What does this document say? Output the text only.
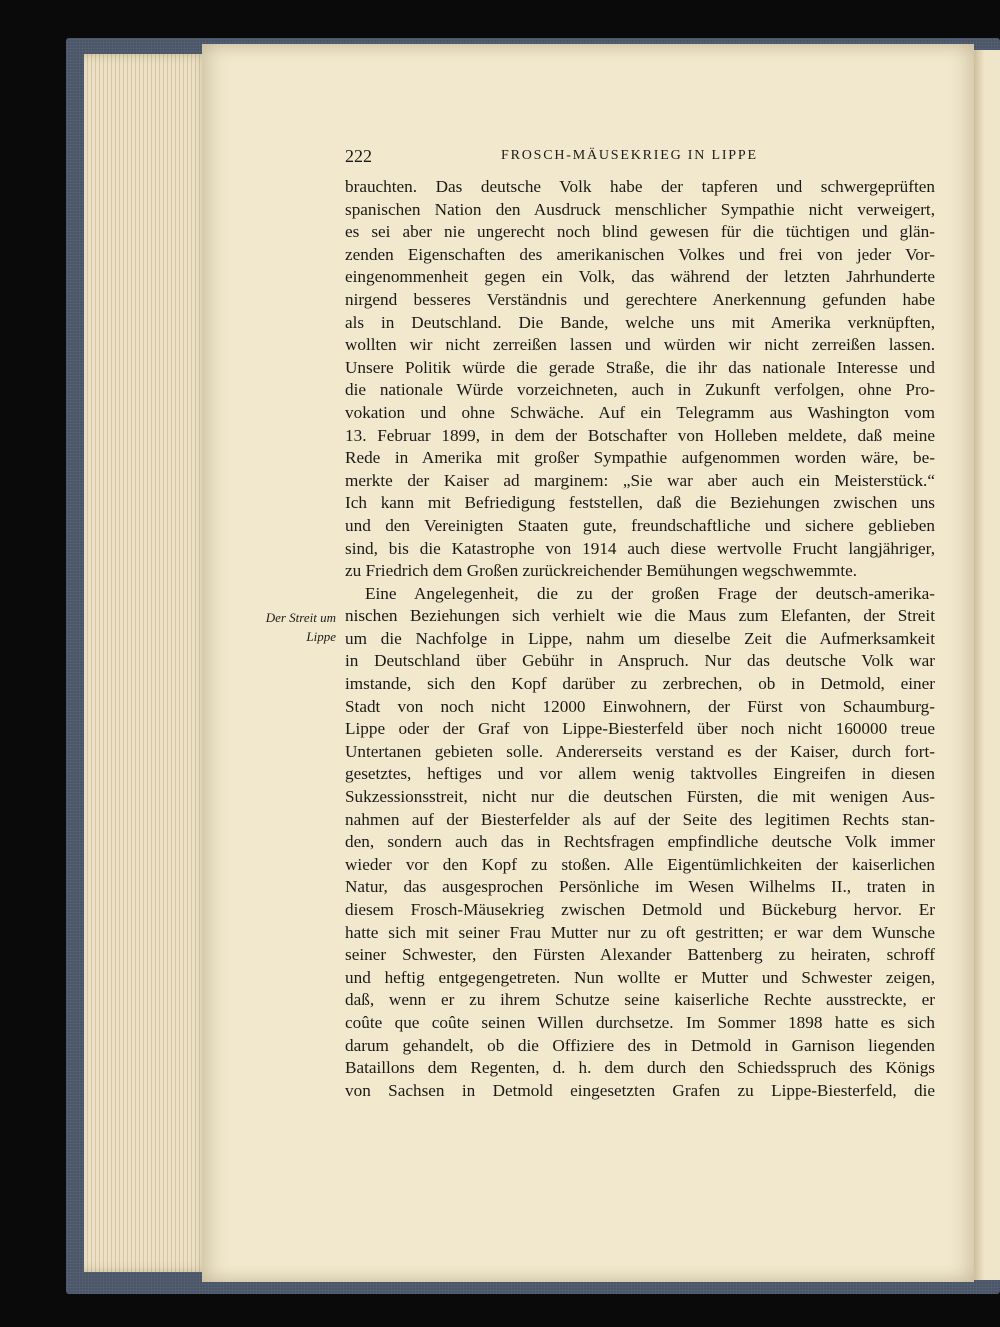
222	FROSCH-MÄUSEKRIEG IN LIPPE
Der Streit um
Lippe
brauchten. Das deutsche Volk habe der tapferen und schwergeprüften
spanischen Nation den Ausdruck menschlicher Sympathie nicht verweigert,
es sei aber nie ungerecht noch blind gewesen für die tüchtigen und glän-
zenden Eigenschaften des amerikanischen Volkes und frei von jeder Vor-
eingenommenheit gegen ein Volk, das während der letzten Jahrhunderte
nirgend besseres Verständnis und gerechtere Anerkennung gefunden habe
als in Deutschland. Die Bande, welche uns mit Amerika verknüpften,
wollten wir nicht zerreißen lassen und würden wir nicht zerreißen lassen.
Unsere Politik würde die gerade Straße, die ihr das nationale Interesse und
die nationale Würde vorzeichneten, auch in Zukunft verfolgen, ohne Pro-
vokation und ohne Schwäche. Auf ein Telegramm aus Washington vom
13. Februar 1899, in dem der Botschafter von Holleben meldete, daß meine
Rede in Amerika mit großer Sympathie aufgenommen worden wäre, be-
merkte der Kaiser ad marginem: „Sie war aber auch ein Meisterstück.“
Ich kann mit Befriedigung feststellen, daß die Beziehungen zwischen uns
und den Vereinigten Staaten gute, freundschaftliche und sichere geblieben
sind, bis die Katastrophe von 1914 auch diese wertvolle Frucht langjähriger,
zu Friedrich dem Großen zurückreichender Bemühungen wegschwemmte.
Eine Angelegenheit, die zu der großen Frage der deutsch-amerika-
nischen Beziehungen sich verhielt wie die Maus zum Elefanten, der Streit
um die Nachfolge in Lippe, nahm um dieselbe Zeit die Aufmerksamkeit
in Deutschland über Gebühr in Anspruch. Nur das deutsche Volk war
imstande, sich den Kopf darüber zu zerbrechen, ob in Detmold, einer
Stadt von noch nicht 12000 Einwohnern, der Fürst von Schaumburg-
Lippe oder der Graf von Lippe-Biesterfeld über noch nicht 160000 treue
Untertanen gebieten solle. Andererseits verstand es der Kaiser, durch fort-
gesetztes, heftiges und vor allem wenig taktvolles Eingreifen in diesen
Sukzessionsstreit, nicht nur die deutschen Fürsten, die mit wenigen Aus-
nahmen auf der Biesterfelder als auf der Seite des legitimen Rechts stan-
den, sondern auch das in Rechtsfragen empfindliche deutsche Volk immer
wieder vor den Kopf zu stoßen. Alle Eigentümlichkeiten der kaiserlichen
Natur, das ausgesprochen Persönliche im Wesen Wilhelms II., traten in
diesem Frosch-Mäusekrieg zwischen Detmold und Bückeburg hervor. Er
hatte sich mit seiner Frau Mutter nur zu oft gestritten; er war dem Wunsche
seiner Schwester, den Fürsten Alexander Battenberg zu heiraten, schroff
und heftig entgegengetreten. Nun wollte er Mutter und Schwester zeigen,
daß, wenn er zu ihrem Schutze seine kaiserliche Rechte ausstreckte, er
coûte que coûte seinen Willen durchsetze. Im Sommer 1898 hatte es sich
darum gehandelt, ob die Offiziere des in Detmold in Garnison liegenden
Bataillons dem Regenten, d. h. dem durch den Schiedsspruch des Königs
von Sachsen in Detmold eingesetzten Grafen zu Lippe-Biesterfeld, die
